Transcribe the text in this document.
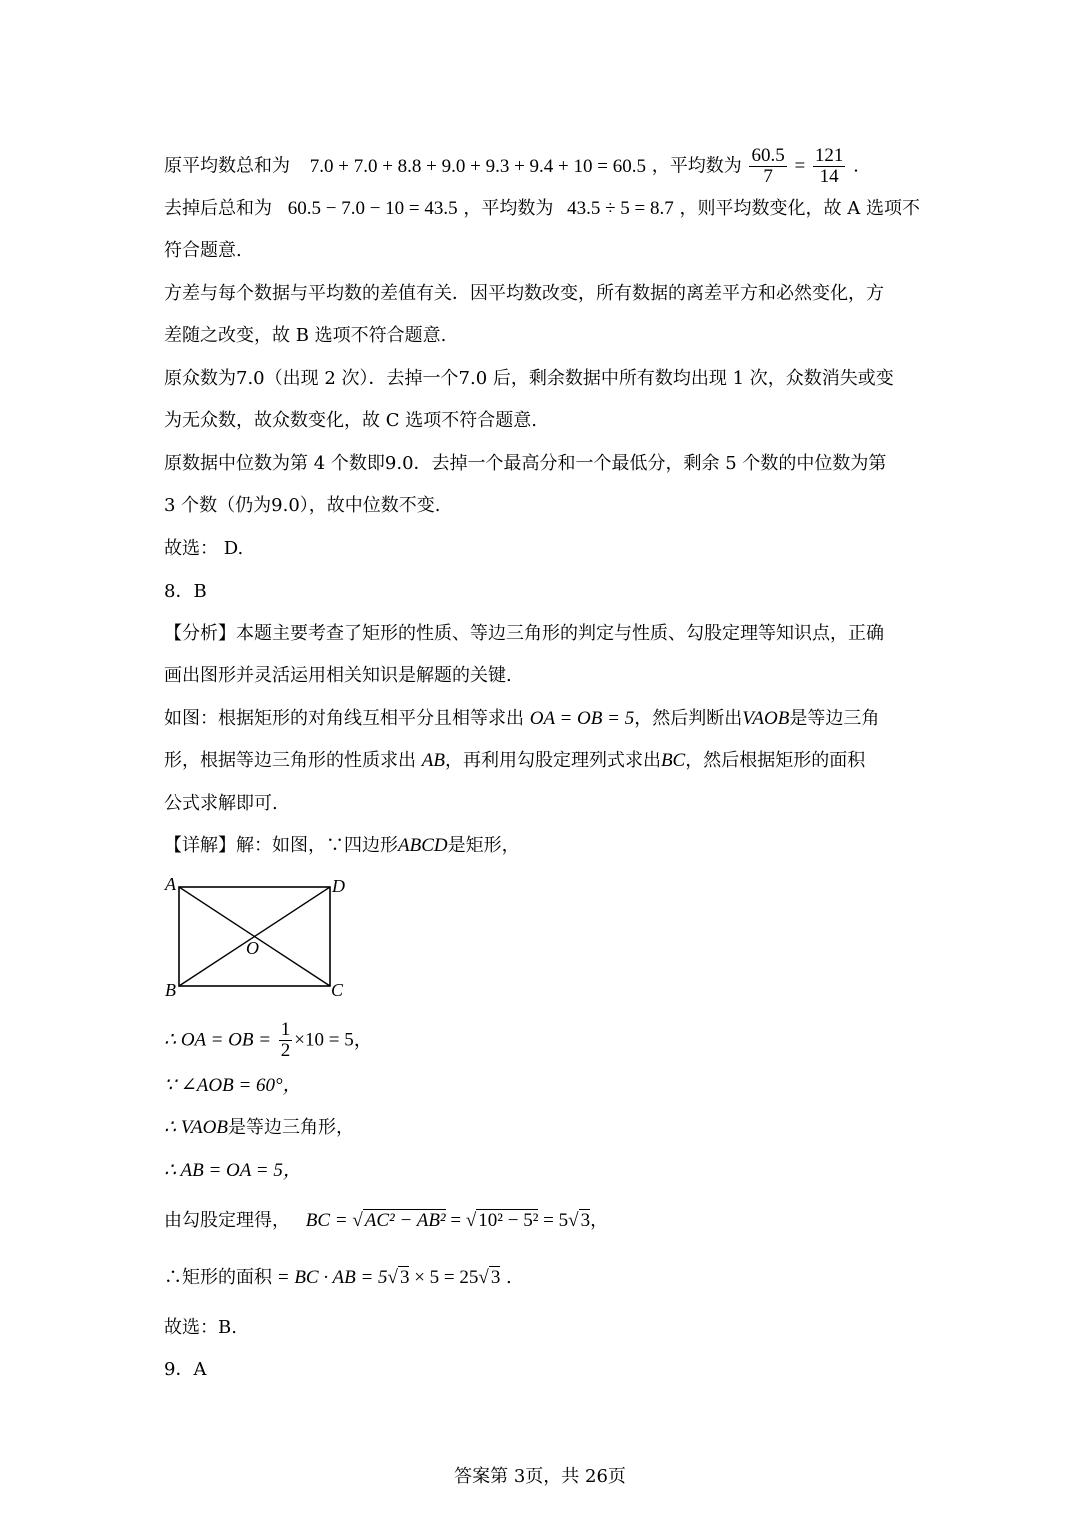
原平均数总和为 7.0 + 7.0 + 8.8 + 9.0 + 9.3 + 9.4 + 10 = 60.5 ，平均数为 $\frac{60.5}{7} = \frac{121}{14}$ .
去掉后总和为 60.5 − 7.0 − 10 = 43.5 ，平均数为 43.5 ÷ 5 = 8.7 ，则平均数变化，故 A 选项不
符合题意.
方差与每个数据与平均数的差值有关．因平均数改变，所有数据的离差平方和必然变化，方
差随之改变，故 B 选项不符合题意.
原众数为7.0（出现 2 次）．去掉一个7.0 后，剩余数据中所有数均出现 1 次，众数消失或变
为无众数，故众数变化，故 C 选项不符合题意.
原数据中位数为第 4 个数即9.0．去掉一个最高分和一个最低分，剩余 5 个数的中位数为第
3 个数（仍为9.0），故中位数不变.
故选： D.
8．B
【分析】本题主要考查了矩形的性质、等边三角形的判定与性质、勾股定理等知识点，正确
画出图形并灵活运用相关知识是解题的关键.
如图：根据矩形的对角线互相平分且相等求出 OA = OB = 5，然后判断出VAOB是等边三角
形，根据等边三角形的性质求出 AB，再利用勾股定理列式求出BC，然后根据矩形的面积
公式求解即可.
【详解】解：如图，∵四边形ABCD是矩形，
A
B	C
D
O
∴ OA = OB = $\frac{1}{2} \times 10 = 5$，
∵ ∠AOB = 60°，
∴ VAOB是等边三角形，
∴ AB = OA = 5，
由勾股定理得， BC = √ AC² − AB² = √ 10² − 5² = 5√ 3，
∴矩形的面积 = BC · AB = 5√ 3 × 5 = 25√ 3 .
故选：B.
9．A
答案第 3页，共 26页
